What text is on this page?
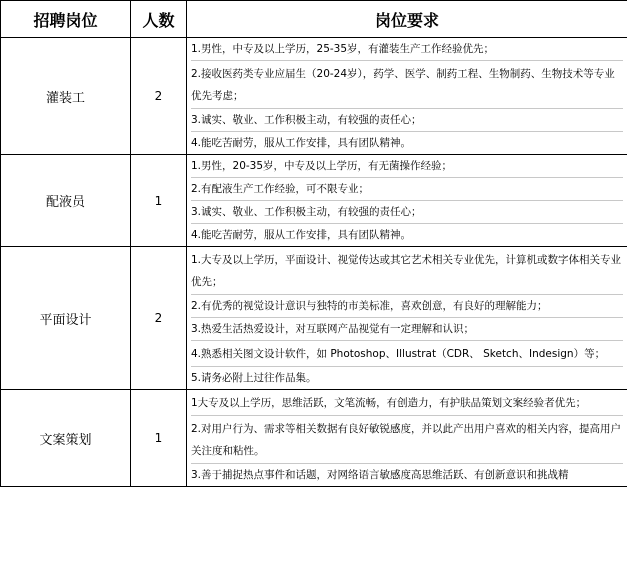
招聘岗位	人数	岗位要求
灌装工	2	1.男性，中专及以上学历，25-35岁，有灌装生产工作经验优先；
2.接收医药类专业应届生（20-24岁），药学、医学、制药工程、生物制药、生物技术等专业优先考虑；
3.诚实、敬业、工作积极主动，有较强的责任心；
4.能吃苦耐劳，服从工作安排，具有团队精神。

配液员	1	1.男性，20-35岁，中专及以上学历，有无菌操作经验；
2.有配液生产工作经验，可不限专业；
3.诚实、敬业、工作积极主动，有较强的责任心；
4.能吃苦耐劳，服从工作安排，具有团队精神。

平面设计	2	1.大专及以上学历，平面设计、视觉传达或其它艺术相关专业优先，计算机或数字体相关专业优先；
2.有优秀的视觉设计意识与独特的市美标准，喜欢创意，有良好的理解能力；
3.热爱生活热爱设计，对互联网产品视觉有一定理解和认识；
4.熟悉相关图文设计软件，如 Photoshop、Illustrat（CDR、 Sketch、Indesign）等；
5.请务必附上过往作品集。

文案策划	1	1大专及以上学历，思维活跃，文笔流畅，有创造力，有护肤品策划文案经验者优先；
2.对用户行为、需求等相关数据有良好敏锐感度，并以此产出用户喜欢的相关内容，提高用户关注度和粘性。
3.善于捕捉热点事件和话题，对网络语言敏感度高思维活跃、有创新意识和挑战精
